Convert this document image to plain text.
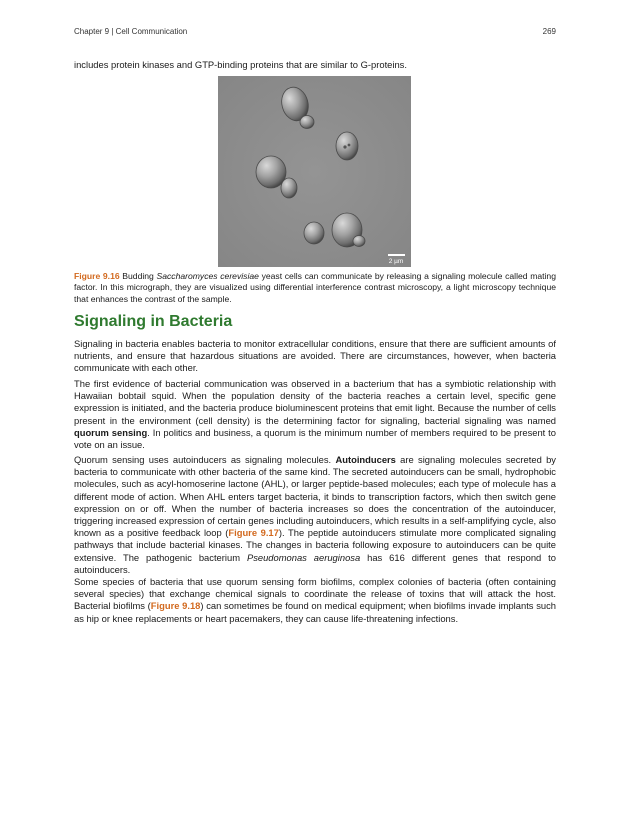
Chapter 9 | Cell Communication	269

includes protein kinases and GTP-binding proteins that are similar to G-proteins.

2 µm

Figure 9.16 Budding Saccharomyces cerevisiae yeast cells can communicate by releasing a signaling molecule called mating factor. In this micrograph, they are visualized using differential interference contrast microscopy, a light microscopy technique that enhances the contrast of the sample.

Signaling in Bacteria

Signaling in bacteria enables bacteria to monitor extracellular conditions, ensure that there are sufficient amounts of nutrients, and ensure that hazardous situations are avoided. There are circumstances, however, when bacteria communicate with each other.

The first evidence of bacterial communication was observed in a bacterium that has a symbiotic relationship with Hawaiian bobtail squid. When the population density of the bacteria reaches a certain level, specific gene expression is initiated, and the bacteria produce bioluminescent proteins that emit light. Because the number of cells present in the environment (cell density) is the determining factor for signaling, bacterial signaling was named quorum sensing. In politics and business, a quorum is the minimum number of members required to be present to vote on an issue.

Quorum sensing uses autoinducers as signaling molecules. Autoinducers are signaling molecules secreted by bacteria to communicate with other bacteria of the same kind. The secreted autoinducers can be small, hydrophobic molecules, such as acyl-homoserine lactone (AHL), or larger peptide-based molecules; each type of molecule has a different mode of action. When AHL enters target bacteria, it binds to transcription factors, which then switch gene expression on or off. When the number of bacteria increases so does the concentration of the autoinducer, triggering increased expression of certain genes including autoinducers, which results in a self-amplifying cycle, also known as a positive feedback loop (Figure 9.17). The peptide autoinducers stimulate more complicated signaling pathways that include bacterial kinases. The changes in bacteria following exposure to autoinducers can be quite extensive. The pathogenic bacterium Pseudomonas aeruginosa has 616 different genes that respond to autoinducers.

Some species of bacteria that use quorum sensing form biofilms, complex colonies of bacteria (often containing several species) that exchange chemical signals to coordinate the release of toxins that will attack the host. Bacterial biofilms (Figure 9.18) can sometimes be found on medical equipment; when biofilms invade implants such as hip or knee replacements or heart pacemakers, they can cause life-threatening infections.
